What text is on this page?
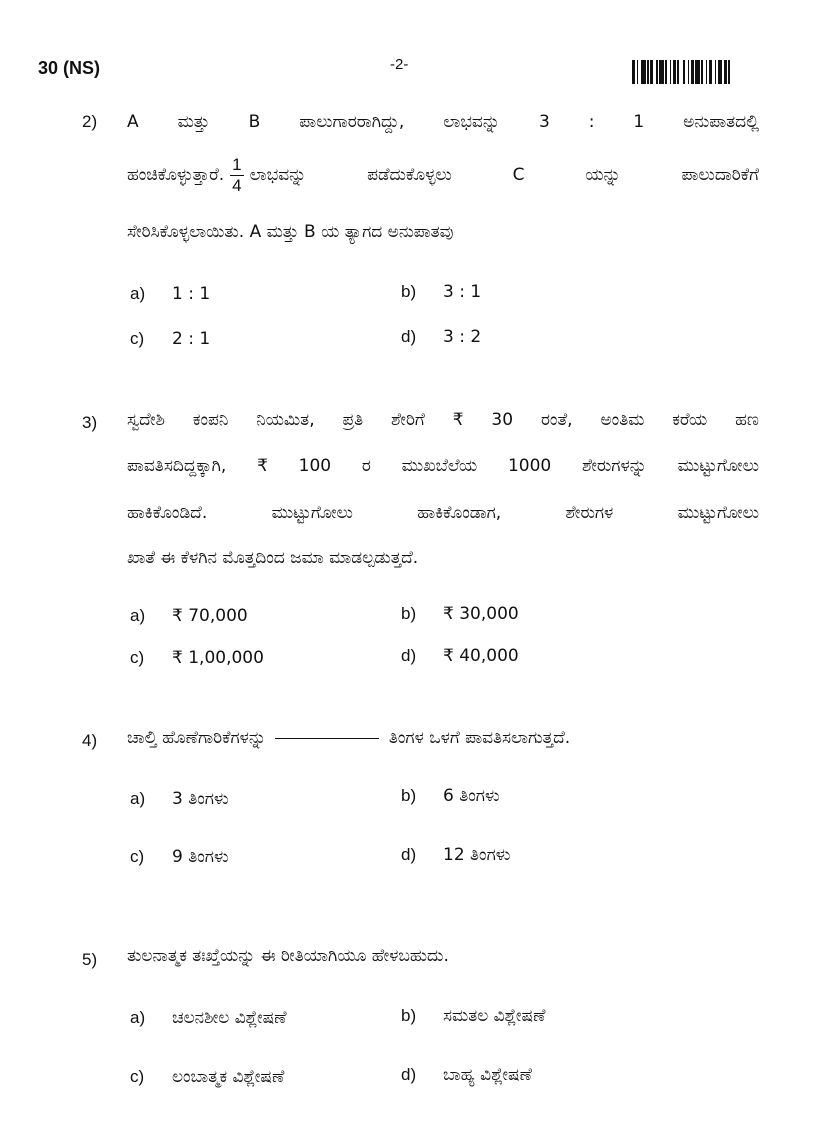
30 (NS)	-2-
2) A ಮತ್ತು B ಪಾಲುಗಾರರಾಗಿದ್ದು, ಲಾಭವನ್ನು 3 : 1 ಅನುಪಾತದಲ್ಲಿ
ಹಂಚಿಕೊಳ್ಳುತ್ತಾರೆ. $\frac{1}{4}$ ಲಾಭವನ್ನು ಪಡೆದುಕೊಳ್ಳಲು C ಯನ್ನು ಪಾಲುದಾರಿಕೆಗೆ
ಸೇರಿಸಿಕೊಳ್ಳಲಾಯಿತು. A ಮತ್ತು B ಯ ತ್ಯಾಗದ ಅನುಪಾತವು
a) 1 : 1	b) 3 : 1
c) 2 : 1	d) 3 : 2
3) ಸ್ವದೇಶಿ ಕಂಪನಿ ನಿಯಮಿತ, ಪ್ರತಿ ಶೇರಿಗೆ ₹ 30 ರಂತೆ, ಅಂತಿಮ ಕರೆಯ ಹಣ
ಪಾವತಿಸದಿದ್ದಕ್ಕಾಗಿ, ₹ 100 ರ ಮುಖಬೆಲೆಯ 1000 ಶೇರುಗಳನ್ನು ಮುಟ್ಟುಗೋಲು
ಹಾಕಿಕೊಂಡಿದೆ. ಮುಟ್ಟುಗೋಲು ಹಾಕಿಕೊಂಡಾಗ, ಶೇರುಗಳ ಮುಟ್ಟುಗೋಲು
ಖಾತೆ ಈ ಕೆಳಗಿನ ಮೊತ್ತದಿಂದ ಜಮಾ ಮಾಡಲ್ಪಡುತ್ತದೆ.
a) ₹ 70,000	b) ₹ 30,000
c) ₹ 1,00,000	d) ₹ 40,000
4) ಚಾಲ್ತಿ ಹೊಣೆಗಾರಿಕೆಗಳನ್ನು	ತಿಂಗಳ ಒಳಗೆ ಪಾವತಿಸಲಾಗುತ್ತದೆ.
a) 3 ತಿಂಗಳು	b) 6 ತಿಂಗಳು
c) 9 ತಿಂಗಳು	d) 12 ತಿಂಗಳು
5) ತುಲನಾತ್ಮಕ ತಃಖ್ತೆಯನ್ನು ಈ ರೀತಿಯಾಗಿಯೂ ಹೇಳಬಹುದು.
a) ಚಲನಶೀಲ ವಿಶ್ಲೇಷಣೆ	b) ಸಮತಲ ವಿಶ್ಲೇಷಣೆ
c) ಲಂಬಾತ್ಮಕ ವಿಶ್ಲೇಷಣೆ	d) ಬಾಹ್ಯ ವಿಶ್ಲೇಷಣೆ
